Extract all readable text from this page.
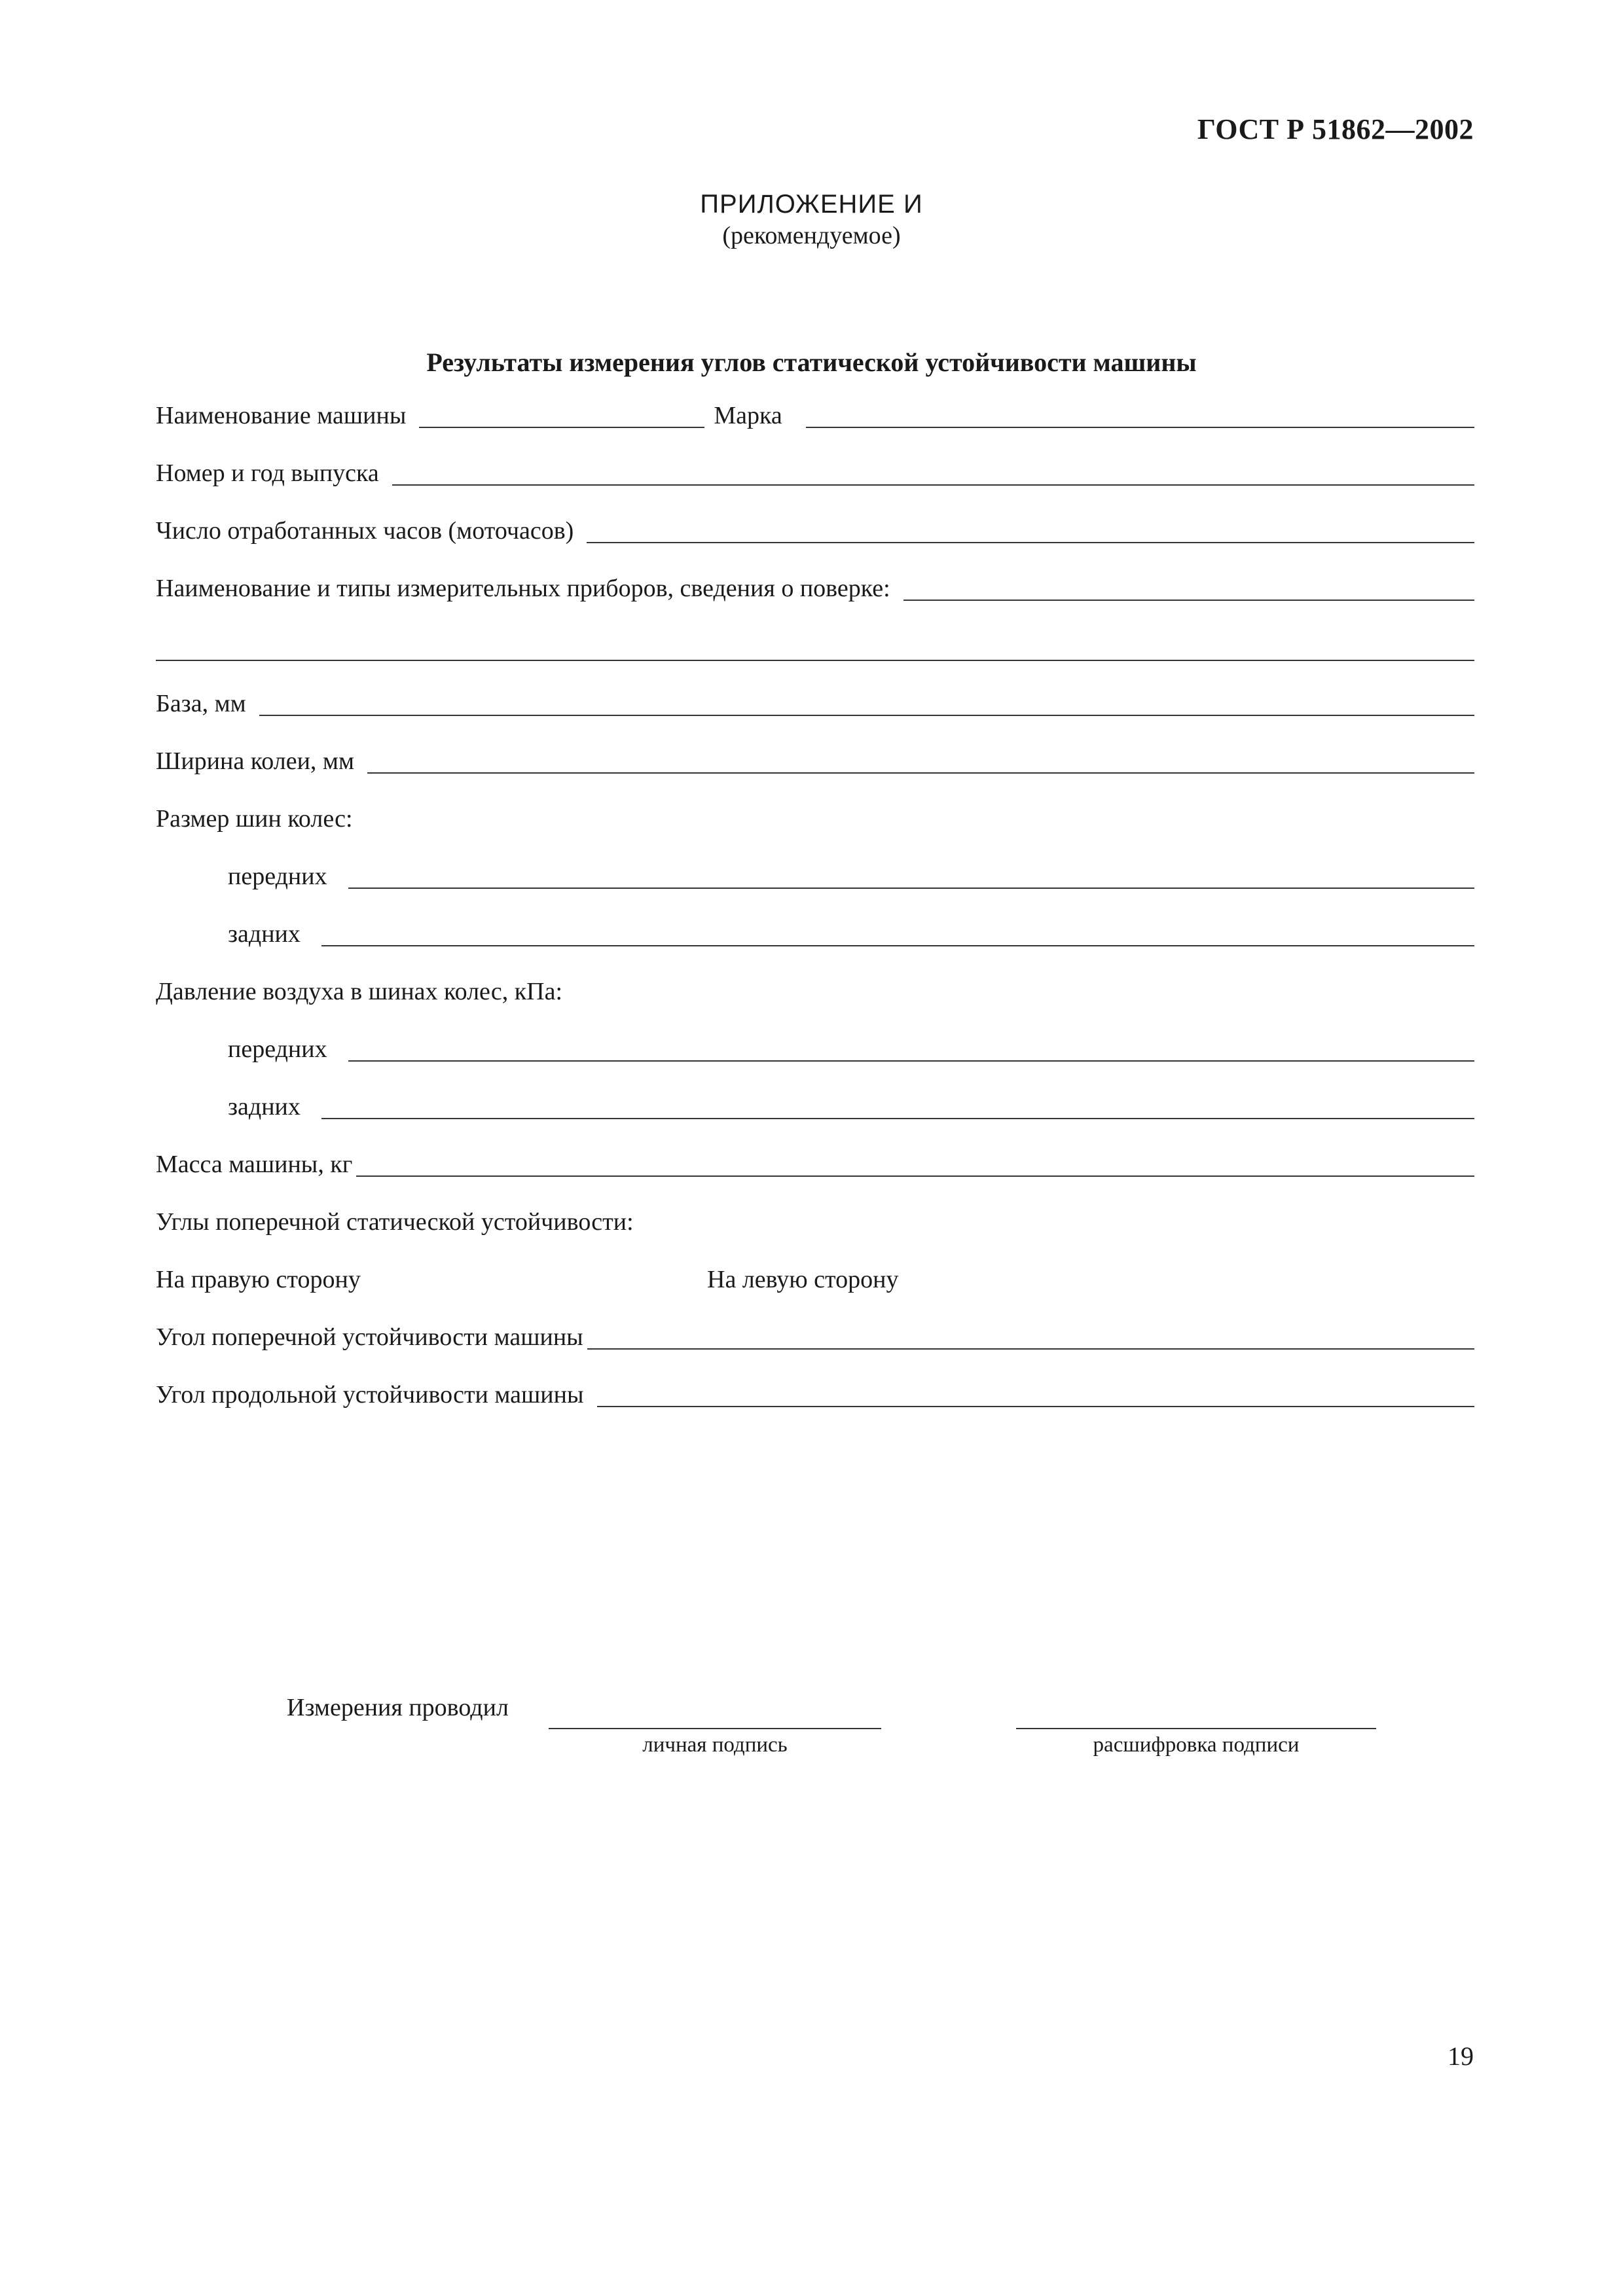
ГОСТ Р 51862—2002
ПРИЛОЖЕНИЕ И
(рекомендуемое)
Результаты измерения углов статической устойчивости машины
Наименование машины	Марка
Номер и год выпуска
Число отработанных часов (моточасов)
Наименование и типы измерительных приборов, сведения о поверке:
База, мм
Ширина колеи, мм
Размер шин колес:
передних
задних
Давление воздуха в шинах колес, кПа:
передних
задних
Масса машины, кг
Углы поперечной статической устойчивости:
На правую сторону	На левую сторону
Угол поперечной устойчивости машины
Угол продольной устойчивости машины
Измерения проводил
личная подпись	расшифровка подписи
19
